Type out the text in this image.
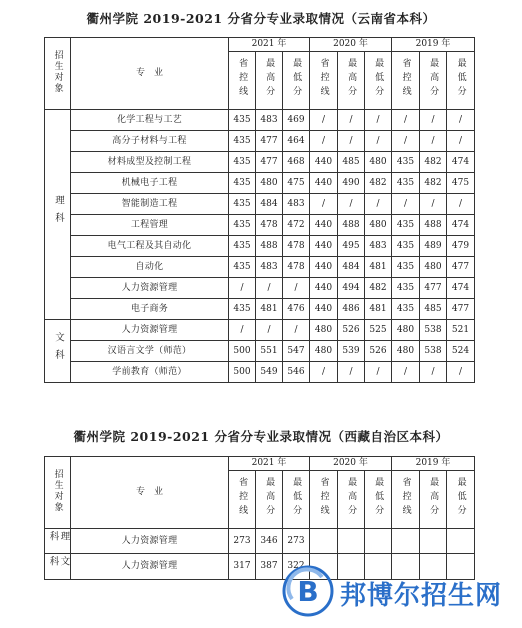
衢州学院 2019-2021 分省分专业录取情况（云南省本科）
招生对象	专　业	2021 年			2020 年			2019 年		
		省控线	最高分	最低分	省控线	最高分	最低分	省控线	最高分	最低分
理科	化学工程与工艺	435	483	469	/	/	/	/	/	/
	高分子材料与工程	435	477	464	/	/	/	/	/	/
	材料成型及控制工程	435	477	468	440	485	480	435	482	474
	机械电子工程	435	480	475	440	490	482	435	482	475
	智能制造工程	435	484	483	/	/	/	/	/	/
	工程管理	435	478	472	440	488	480	435	488	474
	电气工程及其自动化	435	488	478	440	495	483	435	489	479
	自动化	435	483	478	440	484	481	435	480	477
	人力资源管理	/	/	/	440	494	482	435	477	474
	电子商务	435	481	476	440	486	481	435	485	477
文科	人力资源管理	/	/	/	480	526	525	480	538	521
	汉语言文学（师范）	500	551	547	480	539	526	480	538	524
	学前教育（师范）	500	549	546	/	/	/	/	/	/
衢州学院 2019-2021 分省分专业录取情况（西藏自治区本科）
招生对象	专　业	2021 年			2020 年			2019 年		
		省控线	最高分	最低分	省控线	最高分	最低分	省控线	最高分	最低分
理科	人力资源管理	273	346	273						
文科	人力资源管理	317	387	322						
B 邦博尔招生网
